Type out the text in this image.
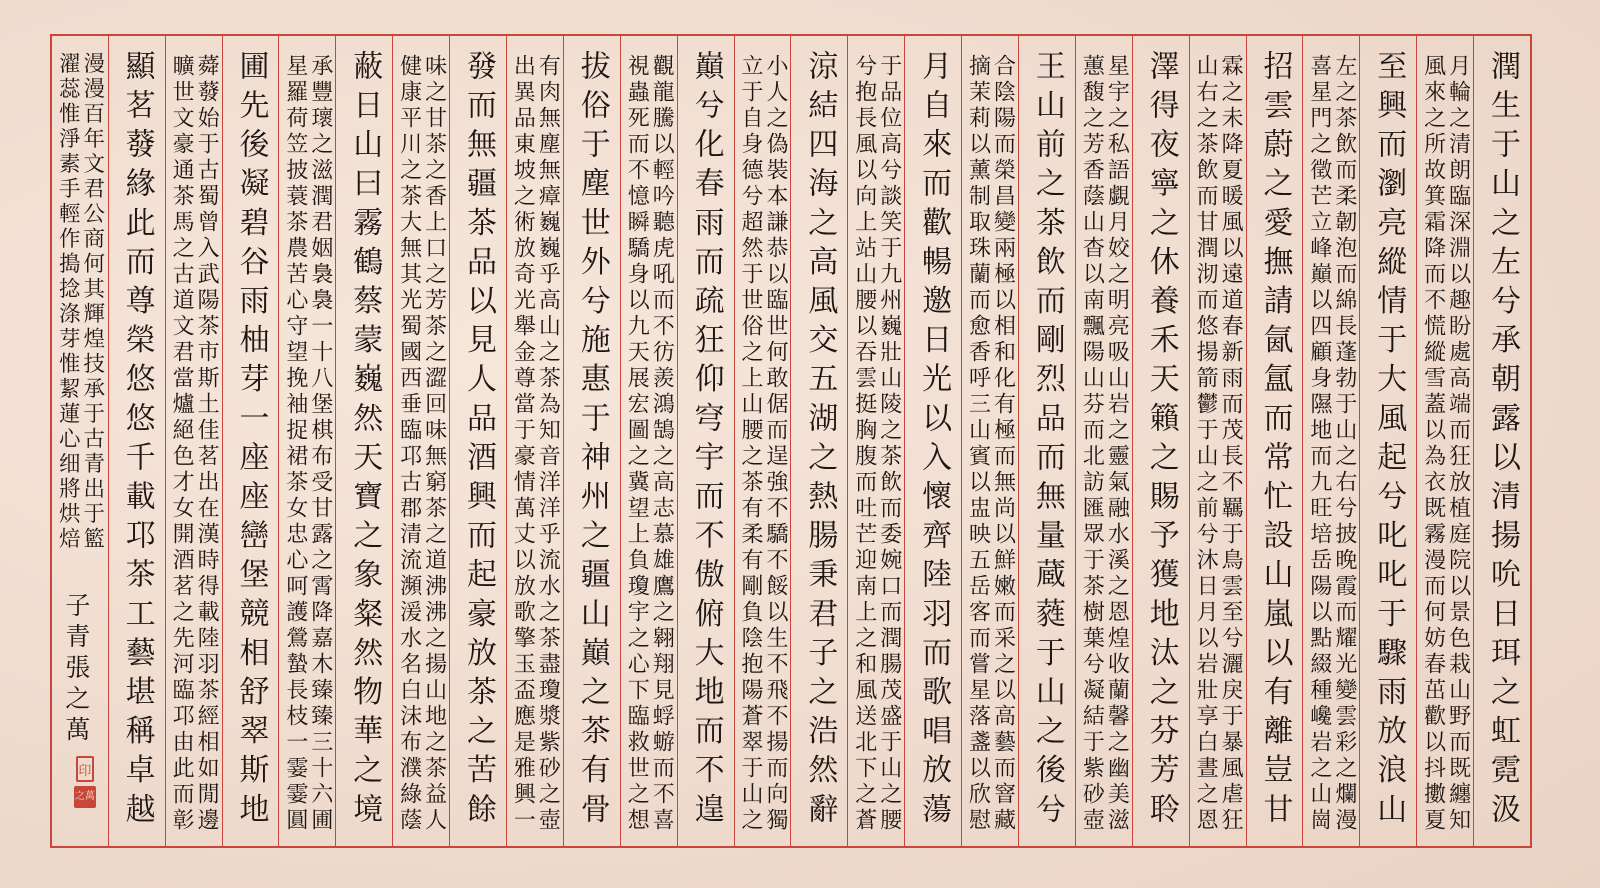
潤生于山之左兮承朝露以清揚吮日珥之虹霓汲
月輪之清朗臨深淵以趣盼處高端而狂放植庭院以景色栽山野而既纏知
風來之所故箕霜降而不慌縱雪蓋以為衣既霧漫而何妨春茁歡以抖擻夏
至興而瀏亮縱情于大風起兮叱叱于驟雨放浪山
左之茶飲而柔韌泡而綿長蓬勃于山之右兮披晚霞而耀光變雲彩之爛漫
喜星門之徵芒立峰巔以四顧身隰地而九旺培岳陽以點綴種巉岩之山崗
招雲蔚之愛撫請氤氲而常忙設山嵐以有離豈甘
霖之未降夏暖風以遠道春新雨而茂長不羈于鳥雲至兮灑戾于暴風虐狂
山右之茶飲而甘潤沏而悠揚箭鬱于山之前兮沐日月以岩壯享白晝之恩
澤得夜寧之休養禾天籟之賜予獲地汰之芬芳聆
星宇之私語覷月姣之明亮吸山岩之靈氣融水溪之恩煌收蘭馨之幽美滋
蕙馥之芳香蔭山杳以南飄陽山芬而北訪匯眾于茶樹葉兮凝結于紫砂壺
王山前之茶飲而剛烈品而無量蔵蕤于山之後兮
合陰陽而榮昌變兩極以相和化有極而無尚以鮮嫩而采之以高藝而窨藏
摘茉莉以薰制取珠蘭而愈香呼三山賓以盅映五岳客而嘗星落盞以欣慰
月自來而歡暢邀日光以入懷齊陸羽而歌唱放蕩
于品位高兮談笑于九州巍壯山陵之茶飲而委婉口而潤腸茂盛于山之腰
兮抱長風以向上站山腰以吞雲挺胸腹而吐芒迎南上之和風送北下之蒼
涼結四海之高風交五湖之熱腸秉君子之浩然辭
小人之偽裝本謙恭以臨世何敢倨而逞強不驕不餒以生不飛不揚而向獨
立于自身德兮超然于世俗之上山腰之茶有柔有剛負陰抱陽蒼翠于山之
巔兮化春雨而疏狂仰穹宇而不傲俯大地而不遑
觀龍騰以輕吟聽虎吼而不彷羨鴻鵠之高志慕雄鷹之翱翔見蜉蝣而不喜
視蟲死而不憶瞬驕身以九天展宏圖之冀望上負瓊宇之心下臨救世之想
拔俗于塵世外兮施惠于神州之疆山巔之茶有骨
有肉無塵無瘴巍巍乎高山之茶為知音洋洋乎流水之茶盡瓊漿紫砂之壺
出異品東坡之術放奇光舉金尊當于豪情萬丈以放歌擎玉盃應是雅興一
發而無疆茶品以見人品酒興而起豪放茶之苦餘
味之甘茶之香上口之芳茶之澀回味無窮茶之道沸沸之揚山地之茶益人
健康平川之茶大無其光蜀國西垂臨邛古郡清流瀕湲水名白沫布濮綠蔭
蔽日山曰霧鶴蔡蒙巍然天寶之象粲然物華之境
承豐瓌之滋潤君姻裊裊一十八堡棋布受甘露之霄降嘉木臻臻三十六圃
星羅荷笠披蓑茶農苦心守望挽袖捉裙茶女忠心呵護鶯蟄長枝一霎霎圓
圃先後凝碧谷雨柚芽一座座巒堡競相舒翠斯地
蕣蕟始于古蜀曾入武陽茶市斯土佳茗出在漢時得載陸羽茶經相如閒邊
曠世文豪通茶馬之古道文君當爐絕色才女開酒茗之先河臨邛由此而彰
顯茗蕟緣此而尊榮悠悠千載邛茶工藝堪稱卓越
漫漫百年文君公商何其輝煌技承于古青出于籃
濯蕊惟淨素手輕作搗捻涤芽惟絜蓮心细將烘焙
子青張之萬
印
之萬
